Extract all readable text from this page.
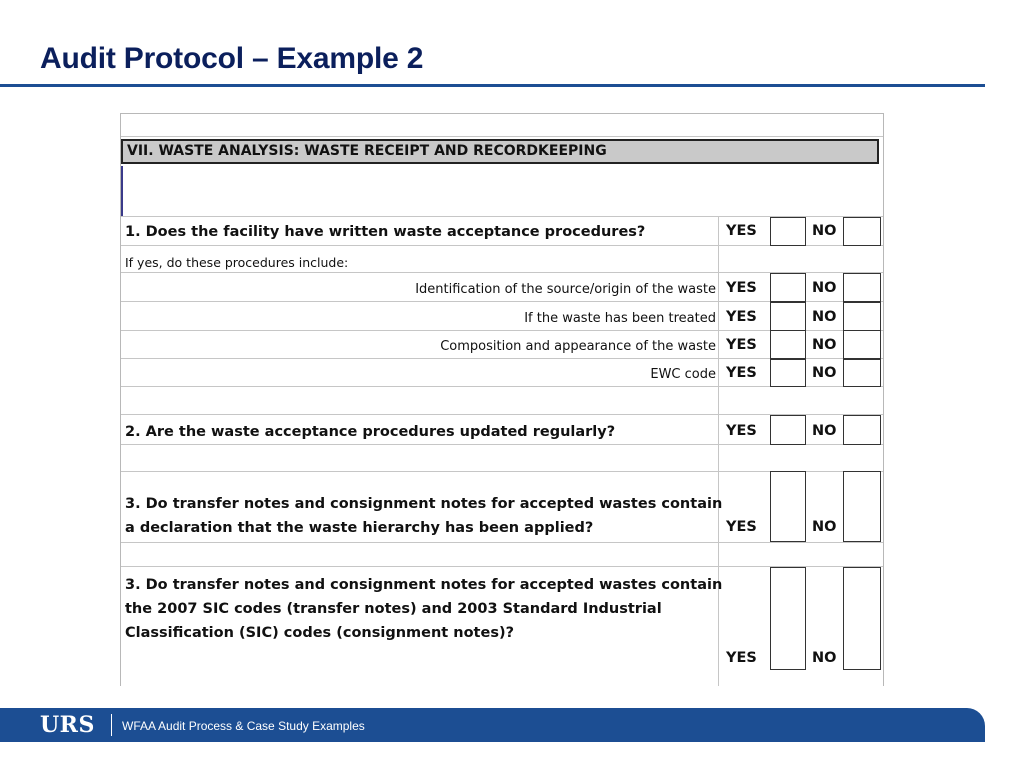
Audit Protocol – Example 2
VII. WASTE ANALYSIS: WASTE RECEIPT AND RECORDKEEPING
1. Does the facility have written waste acceptance procedures?	YES	NO
If yes, do these procedures include:
Identification of the source/origin of the waste YES	NO
If the waste has been treated YES	NO
Composition and appearance of the waste YES	NO
EWC code YES	NO
2. Are the waste acceptance procedures updated regularly?	YES	NO
3. Do transfer notes and consignment notes for accepted wastes contain
a declaration that the waste hierarchy has been applied?	YES	NO
3. Do transfer notes and consignment notes for accepted wastes contain
the 2007 SIC codes (transfer notes) and 2003 Standard Industrial
Classification (SIC) codes (consignment notes)?
YES	NO
URS WFAA Audit Process & Case Study Examples
